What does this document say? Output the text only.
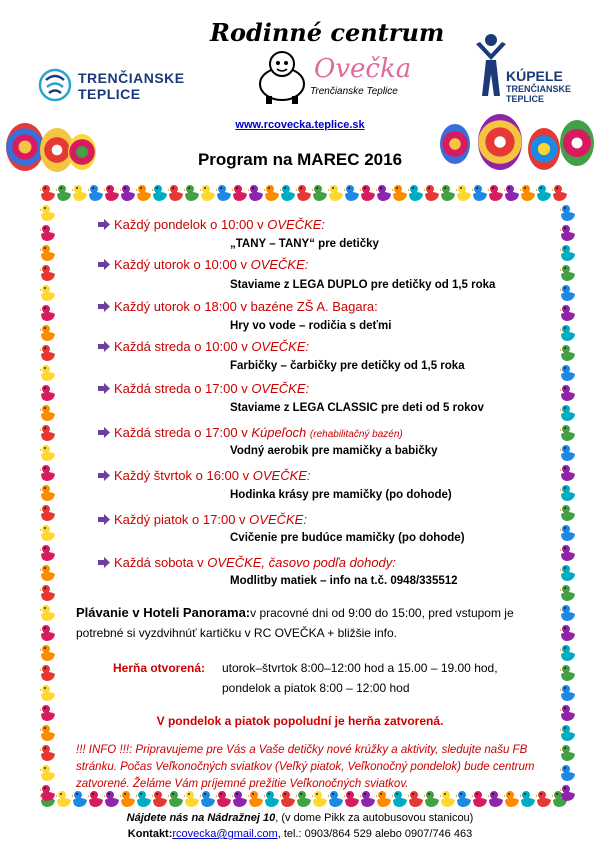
TRENČIANSKE
TEPLICE
Rodinné centrum
Ovečka
Trenčianske Teplice
KÚPELE
TRENČIANSKE
TEPLICE
www.rcovecka.teplice.sk
Program na MAREC 2016
Každý pondelok o 10:00 v OVEČKE:
„TANY – TANY“ pre detičky
Každý utorok o 10:00 v OVEČKE:
Staviame z LEGA DUPLO pre detičky od 1,5 roka
Každý utorok o 18:00 v bazéne ZŠ A. Bagara:
Hry vo vode – rodičia s deťmi
Každá streda o 10:00 v OVEČKE:
Farbičky – čarbičky pre detičky od 1,5 roka
Každá streda o 17:00 v OVEČKE:
Staviame z LEGA CLASSIC pre deti od 5 rokov
Každá streda o 17:00 v Kúpeľoch (rehabilitačný bazén)
Vodný aerobik pre mamičky a babičky
Každý štvrtok o 16:00 v OVEČKE:
Hodinka krásy pre mamičky (po dohode)
Každý piatok o 17:00 v OVEČKE:
Cvičenie pre budúce mamičky (po dohode)
Každá sobota v OVEČKE, časovo podľa dohody:
Modlitby matiek – info na t.č. 0948/335512
Plávanie v Hoteli Panorama:v pracovné dni od 9:00 do 15:00, pred vstupom je potrebné si vyzdvihnúť kartičku v RC OVEČKA + bližšie info.
Herňa otvorená: utorok–štvrtok 8:00–12:00 hod a 15.00 – 19.00 hod,
pondelok a piatok 8:00 – 12:00 hod
V pondelok a piatok popoludní je herňa zatvorená.
!!! INFO !!!: Pripravujeme pre Vás a Vaše detičky nové krúžky a aktivity, sledujte našu FB stránku. Počas Veľkonočných sviatkov (Veľký piatok, Veľkonočný pondelok) bude centrum zatvorené. Želáme Vám príjemné prežitie Veľkonočných sviatkov.
Nájdete nás na Nádražnej 10, (v dome Pikk za autobusovou stanicou)
Kontakt:rcovecka@gmail.com, tel.: 0903/864 529 alebo 0907/746 463
